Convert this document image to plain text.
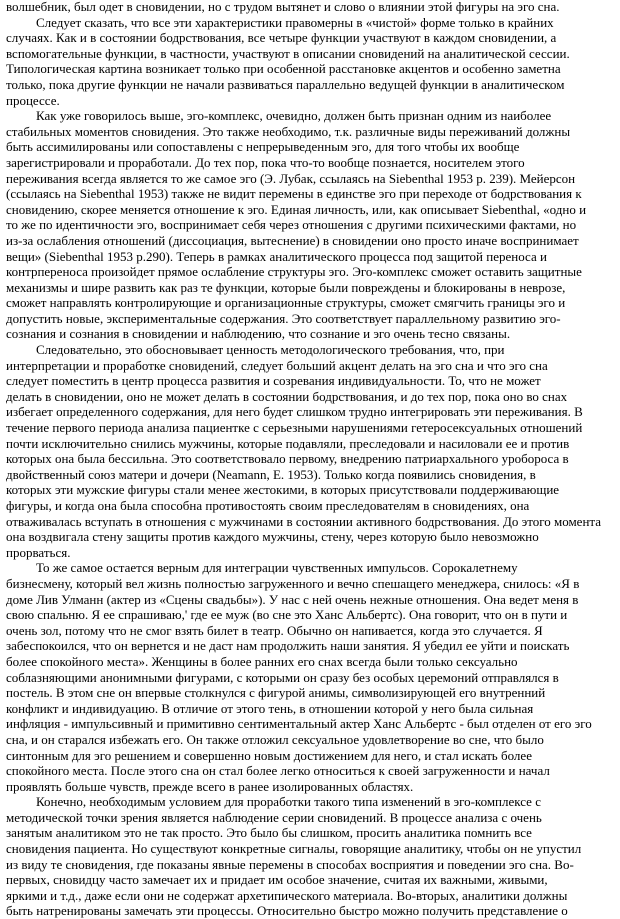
волшебник, был одет в сновидении, но с трудом вытянет и слово о влиянии этой фигуры на эго сна.
Следует сказать, что все эти характеристики правомерны в «чистой» форме только в крайних
случаях. Как и в состоянии бодрствования, все четыре функции участвуют в каждом сновидении, а
вспомогательные функции, в частности, участвуют в описании сновидений на аналитической сессии.
Типологическая картина возникает только при особенной расстановке акцентов и особенно заметна
только, пока другие функции не начали развиваться параллельно ведущей функции в аналитическом
процессе.
Как уже говорилось выше, эго-комплекс, очевидно, должен быть признан одним из наиболее
стабильных моментов сновидения. Это также необходимо, т.к. различные виды переживаний должны
быть ассимилированы или сопоставлены с непрерыведенным эго, для того чтобы их вообще
зарегистрировали и проработали. До тех пор, пока что-то вообще познается, носителем этого
переживания всегда является то же самое эго (Э. Лубак, ссылаясь на Siebenthal 1953 р. 239). Мейерсон
(ссылаясь на Siebenthal 1953) также не видит перемены в единстве эго при переходе от бодрствования к
сновидению, скорее меняется отношение к эго. Единая личность, или, как описывает Siebenthal, «одно и
то же по идентичности эго, воспринимает себя через отношения с другими психическими фактами, но
из-за ослабления отношений (диссоциация, вытеснение) в сновидении оно просто иначе воспринимает
вещи» (Siebenthal 1953 р.290). Теперь в рамках аналитического процесса под защитой переноса и
контрпереноса произойдет прямое ослабление структуры эго. Эго-комплекс сможет оставить защитные
механизмы и шире развить как раз те функции, которые были повреждены и блокированы в неврозе,
сможет направлять контролирующие и организационные структуры, сможет смягчить границы эго и
допустить новые, экспериментальные содержания. Это соответствует параллельному развитию эго-
сознания и сознания в сновидении и наблюдению, что сознание и эго очень тесно связаны.
Следовательно, это обосновывает ценность методологического требования, что, при
интерпретации и проработке сновидений, следует больший акцент делать на эго сна и что эго сна
следует поместить в центр процесса развития и созревания индивидуальности. То, что не может
делать в сновидении, оно не может делать в состоянии бодрствования, и до тех пор, пока оно во снах
избегает определенного содержания, для него будет слишком трудно интегрировать эти переживания. В
течение первого периода анализа пациентке с серьезными нарушениями гетеросексуальных отношений
почти исключительно снились мужчины, которые подавляли, преследовали и насиловали ее и против
которых она была бессильна. Это соответствовало первому, внедрению патриархального уробороса в
двойственный союз матери и дочери (Neamann, Е. 1953). Только когда появились сновидения, в
которых эти мужские фигуры стали менее жестокими, в которых присутствовали поддерживающие
фигуры, и когда она была способна противостоять своим преследователям в сновидениях, она
отваживалась вступать в отношения с мужчинами в состоянии активного бодрствования. До этого момента
она воздвигала стену защиты против каждого мужчины, стену, через которую было невозможно
прорваться.
То же самое остается верным для интеграции чувственных импульсов. Сорокалетнему
бизнесмену, который вел жизнь полностью загруженного и вечно спешащего менеджера, снилось: «Я в
доме Лив Улманн (актер из «Сцены свадьбы»). У нас с ней очень нежные отношения. Она ведет меня в
свою спальню. Я ее спрашиваю,' где ее муж (во сне это Ханс Альбертс). Она говорит, что он в пути и
очень зол, потому что не смог взять билет в театр. Обычно он напивается, когда это случается. Я
забеспокоился, что он вернется и не даст нам продолжить наши занятия. Я убедил ее уйти и поискать
более спокойного места». Женщины в более ранних его снах всегда были только сексуально
соблазняющими анонимными фигурами, с которыми он сразу без особых церемоний отправлялся в
постель. В этом сне он впервые столкнулся с фигурой анимы, символизирующей его внутренний
конфликт и индивидуацию. В отличие от этого тень, в отношении которой у него была сильная
инфляция - импульсивный и примитивно сентиментальный актер Ханс Альбертс - был отделен от его эго
сна, и он старался избежать его. Он также отложил сексуальное удовлетворение во сне, что было
синтонным для эго решением и совершенно новым достижением для него, и стал искать более
спокойного места. После этого сна он стал более легко относиться к своей загруженности и начал
проявлять больше чувств, прежде всего в ранее изолированных областях.
Конечно, необходимым условием для проработки такого типа изменений в эго-комплексе с
методической точки зрения является наблюдение серии сновидений. В процессе анализа с очень
занятым аналитиком это не так просто. Это было бы слишком, просить аналитика помнить все
сновидения пациента. Но существуют конкретные сигналы, говорящие аналитику, чтобы он не упустил
из виду те сновидения, где показаны явные перемены в способах восприятия и поведении эго сна. Во-
первых, сновидцу часто замечает их и придает им особое значение, считая их важными, живыми,
яркими и т.д., даже если они не содержат архетипического материала. Во-вторых, аналитики должны
быть натренированы замечать эти процессы. Относительно быстро можно получить представление о
